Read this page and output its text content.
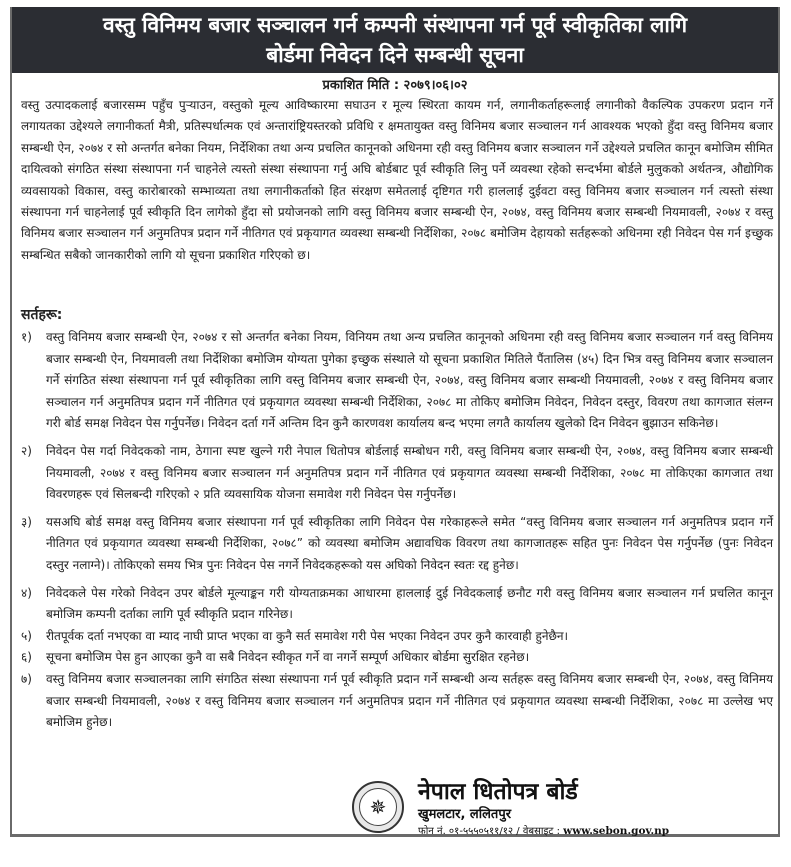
वस्तु विनिमय बजार सञ्चालन गर्न कम्पनी संस्थापना गर्न पूर्व स्वीकृतिका लागि
बोर्डमा निवेदन दिने सम्बन्धी सूचना
प्रकाशित मिति : २०७९।०६।०२
वस्तु उत्पादकलाई बजारसम्म पहुँच पुऱ्याउन, वस्तुको मूल्य आविष्कारमा सघाउन र मूल्य स्थिरता कायम गर्न, लगानीकर्ताहरूलाई लगानीको वैकल्पिक उपकरण प्रदान गर्ने लगायतका उद्देश्यले लगानीकर्ता मैत्री, प्रतिस्पर्धात्मक एवं अन्तारांष्ट्रियस्तरको प्रविधि र क्षमतायुक्त वस्तु विनिमय बजार सञ्चालन गर्न आवश्यक भएको हुँदा वस्तु विनिमय बजार सम्बन्धी ऐन, २०७४ र सो अन्तर्गत बनेका नियम, निर्देशिका तथा अन्य प्रचलित कानूनको अधिनमा रही वस्तु विनिमय बजार सञ्चालन गर्ने उद्देश्यले प्रचलित कानून बमोजिम सीमित दायित्वको संगठित संस्था संस्थापना गर्न चाहनेले त्यस्तो संस्था संस्थापना गर्नु अघि बोर्डबाट पूर्व स्वीकृति लिनु पर्ने व्यवस्था रहेको सन्दर्भमा बोर्डले मुलुकको अर्थतन्त्र, औद्योगिक व्यवसायको विकास, वस्तु कारोबारको सम्भाव्यता तथा लगानीकर्ताको हित संरक्षण समेतलाई दृष्टिगत गरी हाललाई दुईवटा वस्तु विनिमय बजार सञ्चालन गर्न त्यस्तो संस्था संस्थापना गर्न चाहनेलाई पूर्व स्वीकृति दिन लागेको हुँदा सो प्रयोजनको लागि वस्तु विनिमय बजार सम्बन्धी ऐन, २०७४, वस्तु विनिमय बजार सम्बन्धी नियमावली, २०७४ र वस्तु विनिमय बजार सञ्चालन गर्न अनुमतिपत्र प्रदान गर्ने नीतिगत एवं प्रकृयागत व्यवस्था सम्बन्धी निर्देशिका, २०७८ बमोजिम देहायको सर्तहरूको अधिनमा रही निवेदन पेस गर्न इच्छुक सम्बन्धित सबैको जानकारीको लागि यो सूचना प्रकाशित गरिएको छ।
सर्तहरू:
१)	वस्तु विनिमय बजार सम्बन्धी ऐन, २०७४ र सो अन्तर्गत बनेका नियम, विनियम तथा अन्य प्रचलित कानूनको अधिनमा रही वस्तु विनिमय बजार सञ्चालन गर्न वस्तु विनिमय बजार सम्बन्धी ऐन, नियमावली तथा निर्देशिका बमोजिम योग्यता पुगेका इच्छुक संस्थाले यो सूचना प्रकाशित मितिले पैंतालिस (४५) दिन भित्र वस्तु विनिमय बजार सञ्चालन गर्ने संगठित संस्था संस्थापना गर्न पूर्व स्वीकृतिका लागि वस्तु विनिमय बजार सम्बन्धी ऐन, २०७४, वस्तु विनिमय बजार सम्बन्धी नियमावली, २०७४ र वस्तु विनिमय बजार सञ्चालन गर्न अनुमतिपत्र प्रदान गर्ने नीतिगत एवं प्रकृयागत व्यवस्था सम्बन्धी निर्देशिका, २०७८ मा तोकिए बमोजिम निवेदन, निवेदन दस्तुर, विवरण तथा कागजात संलग्न गरी बोर्ड समक्ष निवेदन पेस गर्नुपर्नेछ। निवेदन दर्ता गर्ने अन्तिम दिन कुनै कारणवश कार्यालय बन्द भएमा लगतै कार्यालय खुलेको दिन निवेदन बुझाउन सकिनेछ।
२)	निवेदन पेस गर्दा निवेदकको नाम, ठेगाना स्पष्ट खुल्ने गरी नेपाल धितोपत्र बोर्डलाई सम्बोधन गरी, वस्तु विनिमय बजार सम्बन्धी ऐन, २०७४, वस्तु विनिमय बजार सम्बन्धी नियमावली, २०७४ र वस्तु विनिमय बजार सञ्चालन गर्न अनुमतिपत्र प्रदान गर्ने नीतिगत एवं प्रकृयागत व्यवस्था सम्बन्धी निर्देशिका, २०७८ मा तोकिएका कागजात तथा विवरणहरू एवं सिलबन्दी गरिएको २ प्रति व्यवसायिक योजना समावेश गरी निवेदन पेस गर्नुपर्नेछ।
३)	यसअघि बोर्ड समक्ष वस्तु विनिमय बजार संस्थापना गर्न पूर्व स्वीकृतिका लागि निवेदन पेस गरेकाहरूले समेत “वस्तु विनिमय बजार सञ्चालन गर्न अनुमतिपत्र प्रदान गर्ने नीतिगत एवं प्रकृयागत व्यवस्था सम्बन्धी निर्देशिका, २०७८” को व्यवस्था बमोजिम अद्यावधिक विवरण तथा कागजातहरू सहित पुनः निवेदन पेस गर्नुपर्नेछ (पुनः निवेदन दस्तुर नलाग्ने)। तोकिएको समय भित्र पुनः निवेदन पेस नगर्ने निवेदकहरूको यस अघिको निवेदन स्वतः रद्द हुनेछ।
४)	निवेदकले पेस गरेको निवेदन उपर बोर्डले मूल्याङ्कन गरी योग्यताक्रमका आधारमा हाललाई दुई निवेदकलाई छनौट गरी वस्तु विनिमय बजार सञ्चालन गर्न प्रचलित कानून बमोजिम कम्पनी दर्ताका लागि पूर्व स्वीकृति प्रदान गरिनेछ।
५)	रीतपूर्वक दर्ता नभएका वा म्याद नाघी प्राप्त भएका वा कुनै सर्त समावेश गरी पेस भएका निवेदन उपर कुनै कारवाही हुनेछैन।
६)	सूचना बमोजिम पेस हुन आएका कुनै वा सबै निवेदन स्वीकृत गर्ने वा नगर्ने सम्पूर्ण अधिकार बोर्डमा सुरक्षित रहनेछ।
७)	वस्तु विनिमय बजार सञ्चालनका लागि संगठित संस्था संस्थापना गर्न पूर्व स्वीकृति प्रदान गर्ने सम्बन्धी अन्य सर्तहरू वस्तु विनिमय बजार सम्बन्धी ऐन, २०७४, वस्तु विनिमय बजार सम्बन्धी नियमावली, २०७४ र वस्तु विनिमय बजार सञ्चालन गर्न अनुमतिपत्र प्रदान गर्ने नीतिगत एवं प्रकृयागत व्यवस्था सम्बन्धी निर्देशिका, २०७८ मा उल्लेख भए बमोजिम हुनेछ।
✵
नेपाल धितोपत्र बोर्ड
खुमलटार, ललितपुर
फोन नं. ०१-५५५०५११/१२ / वेबसाइट : www.sebon.gov.np
